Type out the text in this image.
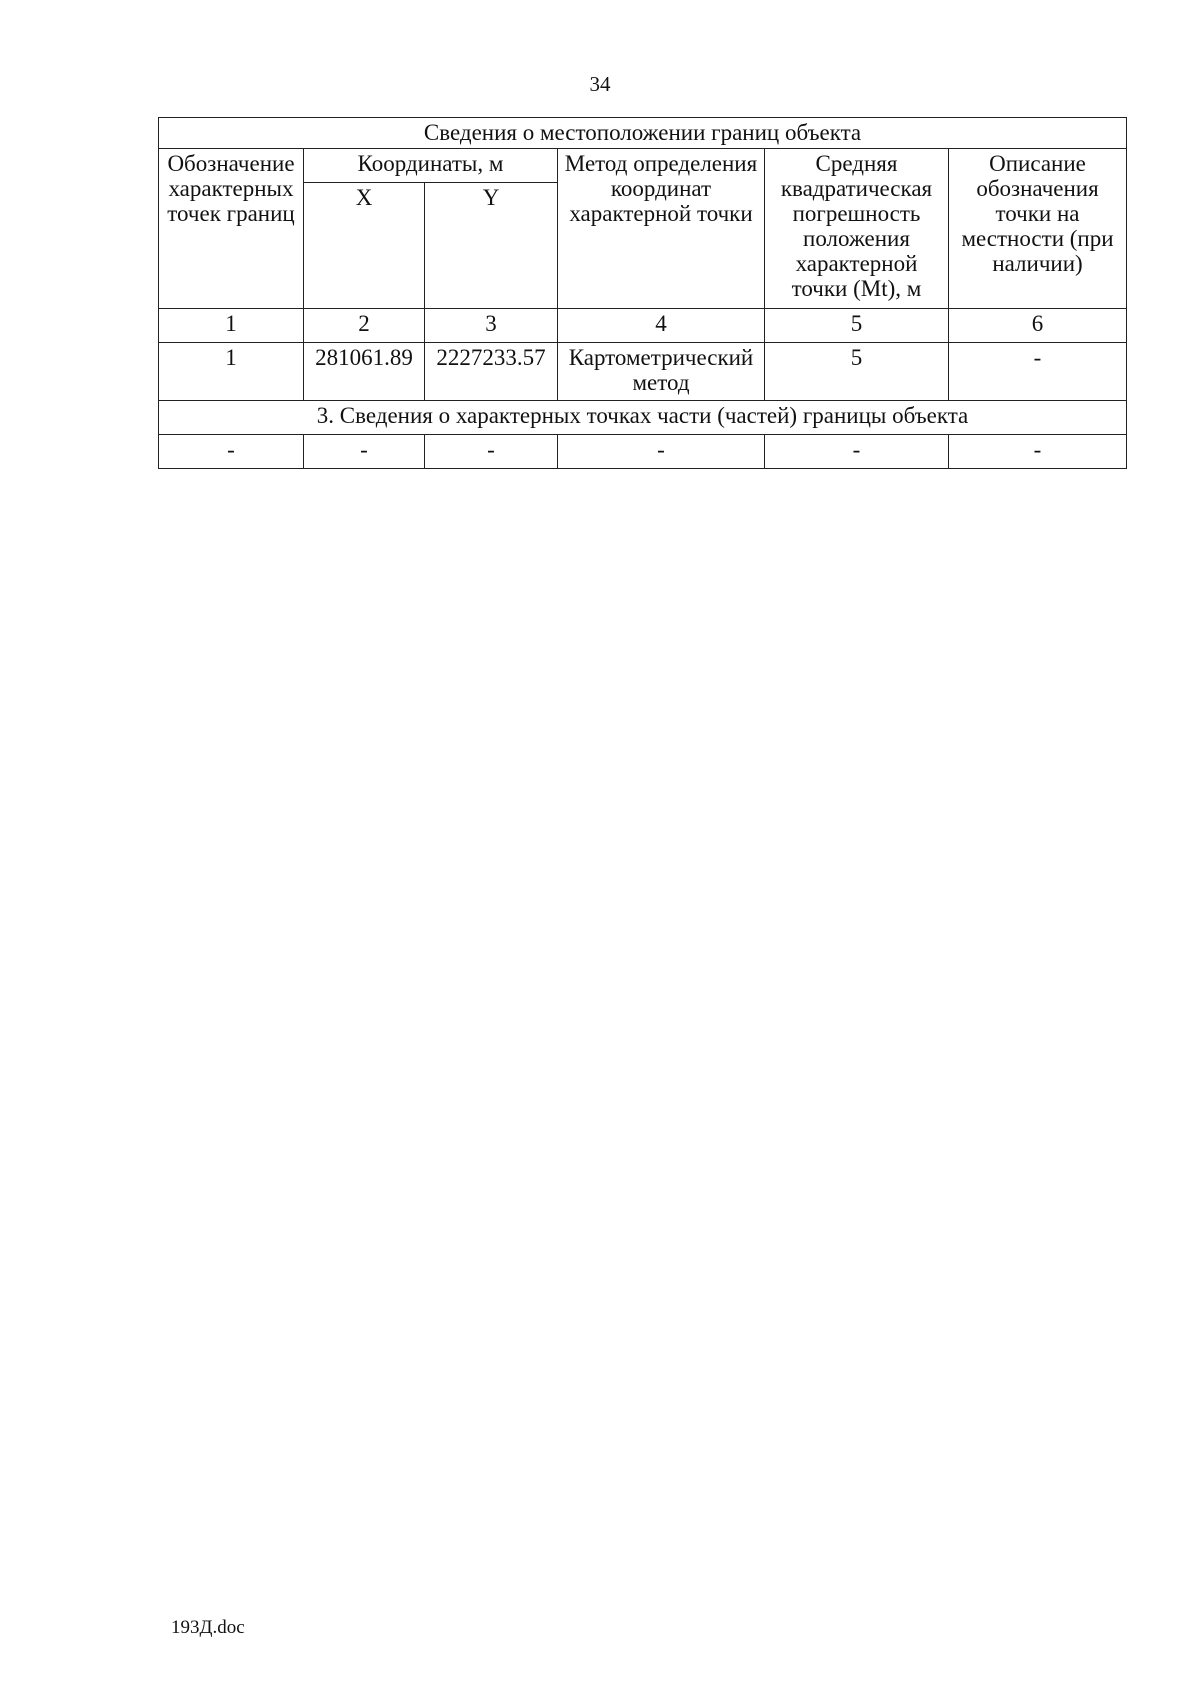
34
Сведения о местоположении границ объекта					
Обозначение характерных точек границ	Координаты, м		Метод определения координат характерной точки	Средняя квадратическая погрешность положения характерной точки (Mt), м	Описание обозначения точки на местности (при наличии)
	X	Y			
1	2	3	4	5	6
1	281061.89	2227233.57	Картометрический метод	5	-
3. Сведения о характерных точках части (частей) границы объекта					
-	-	-	-	-	-
193Д.doc
